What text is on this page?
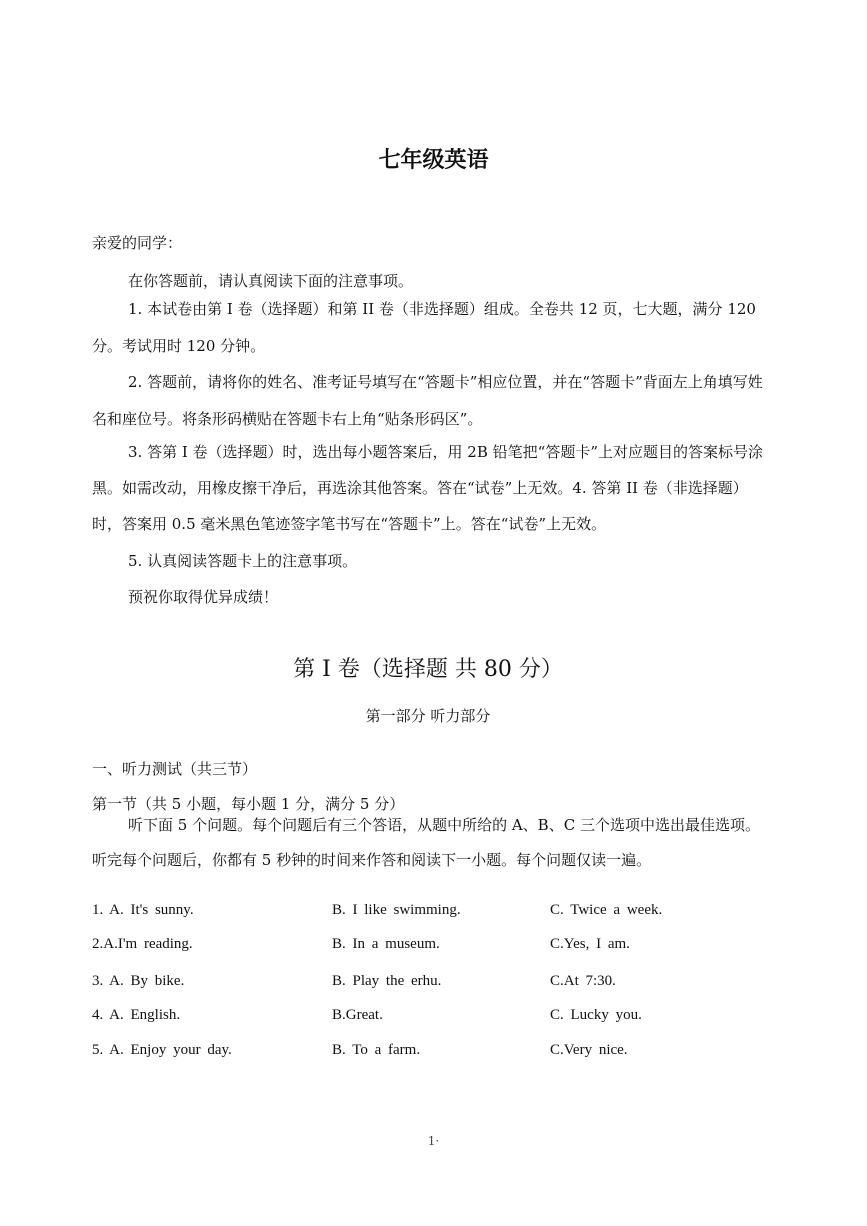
七年级英语
亲爱的同学：
在你答题前，请认真阅读下面的注意事项。
1. 本试卷由第 I 卷（选择题）和第 II 卷（非选择题）组成。全卷共 12 页，七大题，满分 120 分。考试用时 120 分钟。
2. 答题前，请将你的姓名、准考证号填写在“答题卡”相应位置，并在“答题卡”背面左上角填写姓名和座位号。将条形码横贴在答题卡右上角“贴条形码区”。
3. 答第 I 卷（选择题）时，选出每小题答案后，用 2B 铅笔把“答题卡”上对应题目的答案标号涂黑。如需改动，用橡皮擦干净后，再选涂其他答案。答在“试卷”上无效。4. 答第 II 卷（非选择题）时，答案用 0.5 毫米黑色笔迹签字笔书写在“答题卡”上。答在“试卷”上无效。
5. 认真阅读答题卡上的注意事项。
预祝你取得优异成绩！
第 I 卷（选择题 共 80 分）
第一部分 听力部分
一、听力测试（共三节）
第一节（共 5 小题，每小题 1 分，满分 5 分）
听下面 5 个问题。每个问题后有三个答语，从题中所给的 A、B、C 三个选项中选出最佳选项。听完每个问题后，你都有 5 秒钟的时间来作答和阅读下一小题。每个问题仅读一遍。
1. A. It's sunny.	B. I like swimming.	C. Twice a week.
2.A.I'm reading.	B. In a museum.	C.Yes, I am.
3. A. By bike.	B. Play the erhu.	C.At 7:30.
4. A. English.	B.Great.	C. Lucky you.
5. A. Enjoy your day.	B. To a farm.	C.Very nice.
1·
